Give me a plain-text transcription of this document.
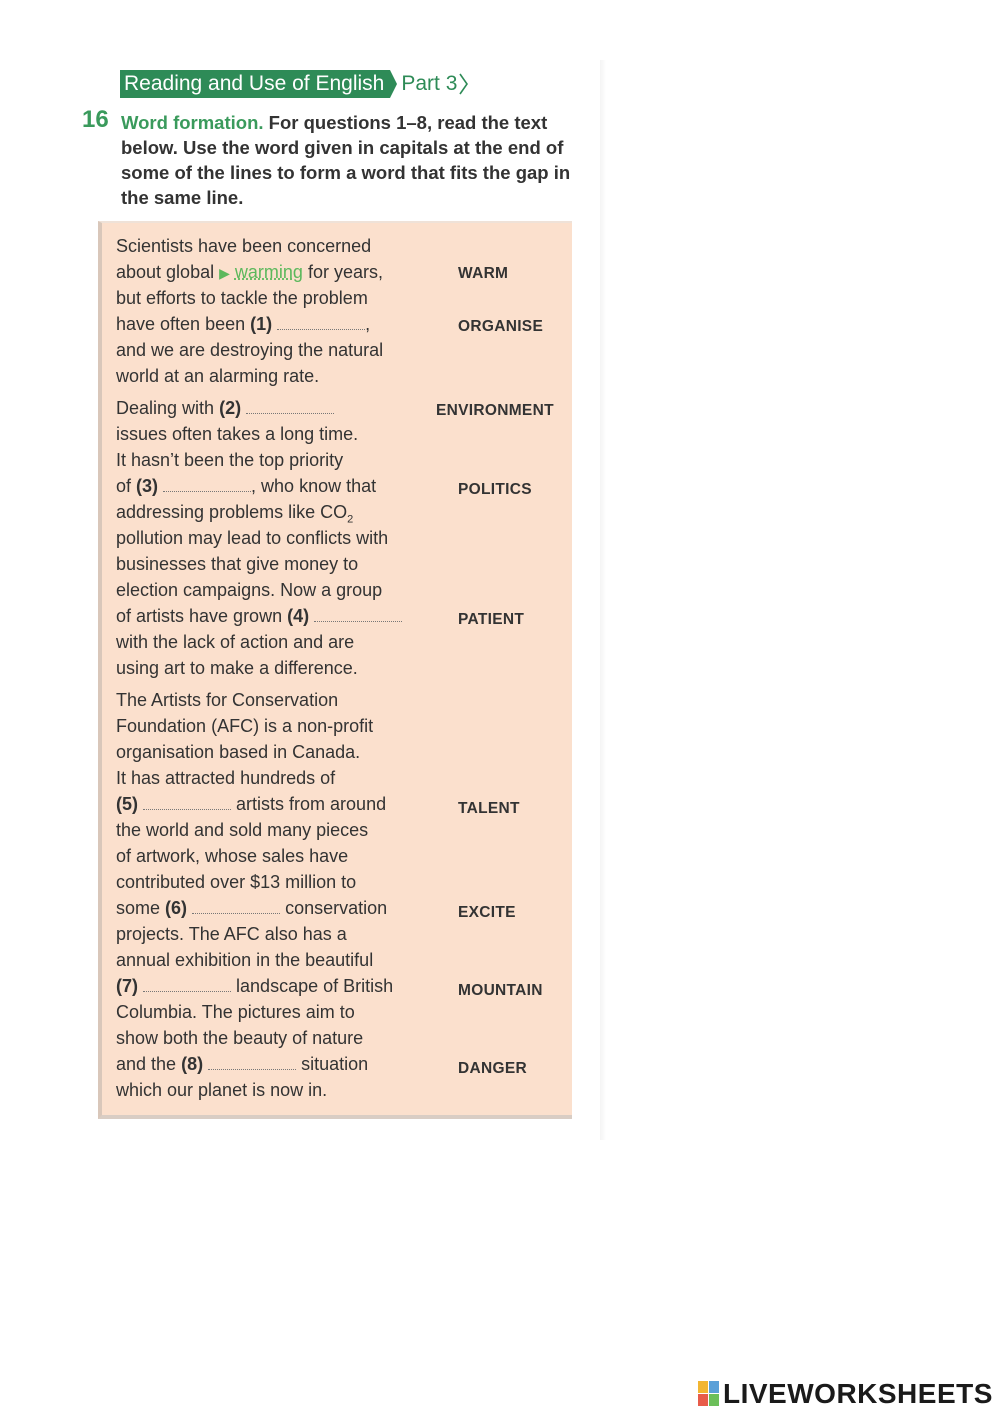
Reading and Use of English Part 3
16 Word formation. For questions 1–8, read the text below. Use the word given in capitals at the end of some of the lines to form a word that fits the gap in the same line.
Scientists have been concerned
about global ▶ warming for years,
but efforts to tackle the problem
have often been (1)	,
and we are destroying the natural
world at an alarming rate.
Dealing with (2)
issues often takes a long time.
It hasn’t been the top priority
of (3)	, who know that
addressing problems like $CO_2$
pollution may lead to conflicts with
businesses that give money to
election campaigns. Now a group
of artists have grown (4)
with the lack of action and are
using art to make a difference.
The Artists for Conservation
Foundation (AFC) is a non-profit
organisation based in Canada.
It has attracted hundreds of
(5)	artists from around
the world and sold many pieces
of artwork, whose sales have
contributed over $13 million to
some (6)	conservation
projects. The AFC also has a
annual exhibition in the beautiful
(7)	landscape of British
Columbia. The pictures aim to
show both the beauty of nature
and the (8)	situation
which our planet is now in.
WARM
ORGANISE
ENVIRONMENT
POLITICS
PATIENT
TALENT
EXCITE
MOUNTAIN
DANGER
LIVEWORKSHEETS
